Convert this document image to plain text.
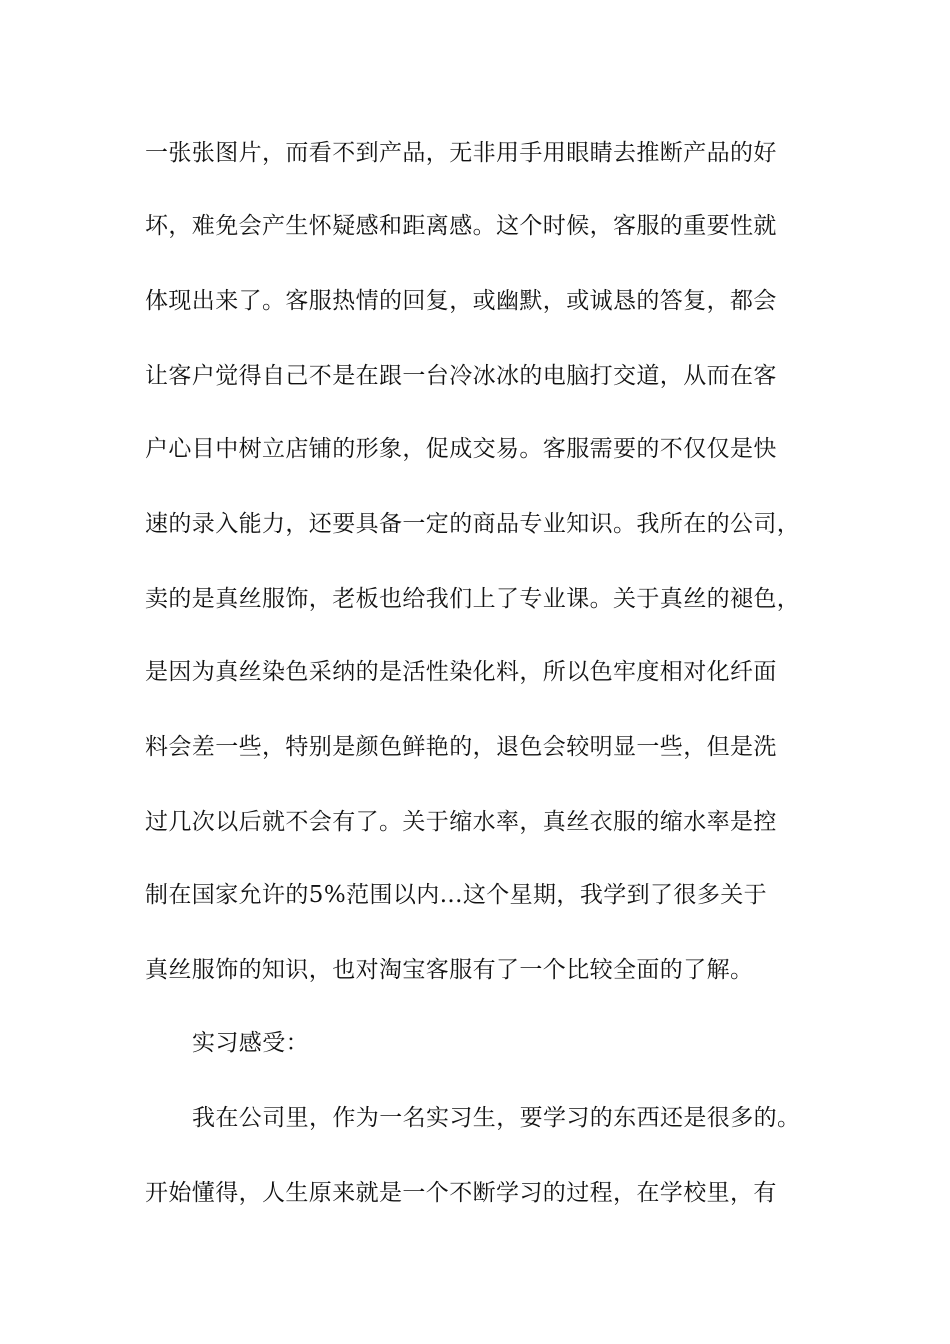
一张张图片，而看不到产品，无非用手用眼睛去推断产品的好
坏，难免会产生怀疑感和距离感。这个时候，客服的重要性就
体现出来了。客服热情的回复，或幽默，或诚恳的答复，都会
让客户觉得自己不是在跟一台冷冰冰的电脑打交道，从而在客
户心目中树立店铺的形象，促成交易。客服需要的不仅仅是快
速的录入能力，还要具备一定的商品专业知识。我所在的公司，
卖的是真丝服饰，老板也给我们上了专业课。关于真丝的褪色，
是因为真丝染色采纳的是活性染化料，所以色牢度相对化纤面
料会差一些，特别是颜色鲜艳的，退色会较明显一些，但是洗
过几次以后就不会有了。关于缩水率，真丝衣服的缩水率是控
制在国家允许的5%范围以内...这个星期，我学到了很多关于
真丝服饰的知识，也对淘宝客服有了一个比较全面的了解。
实习感受：
我在公司里，作为一名实习生，要学习的东西还是很多的。
开始懂得，人生原来就是一个不断学习的过程，在学校里，有
